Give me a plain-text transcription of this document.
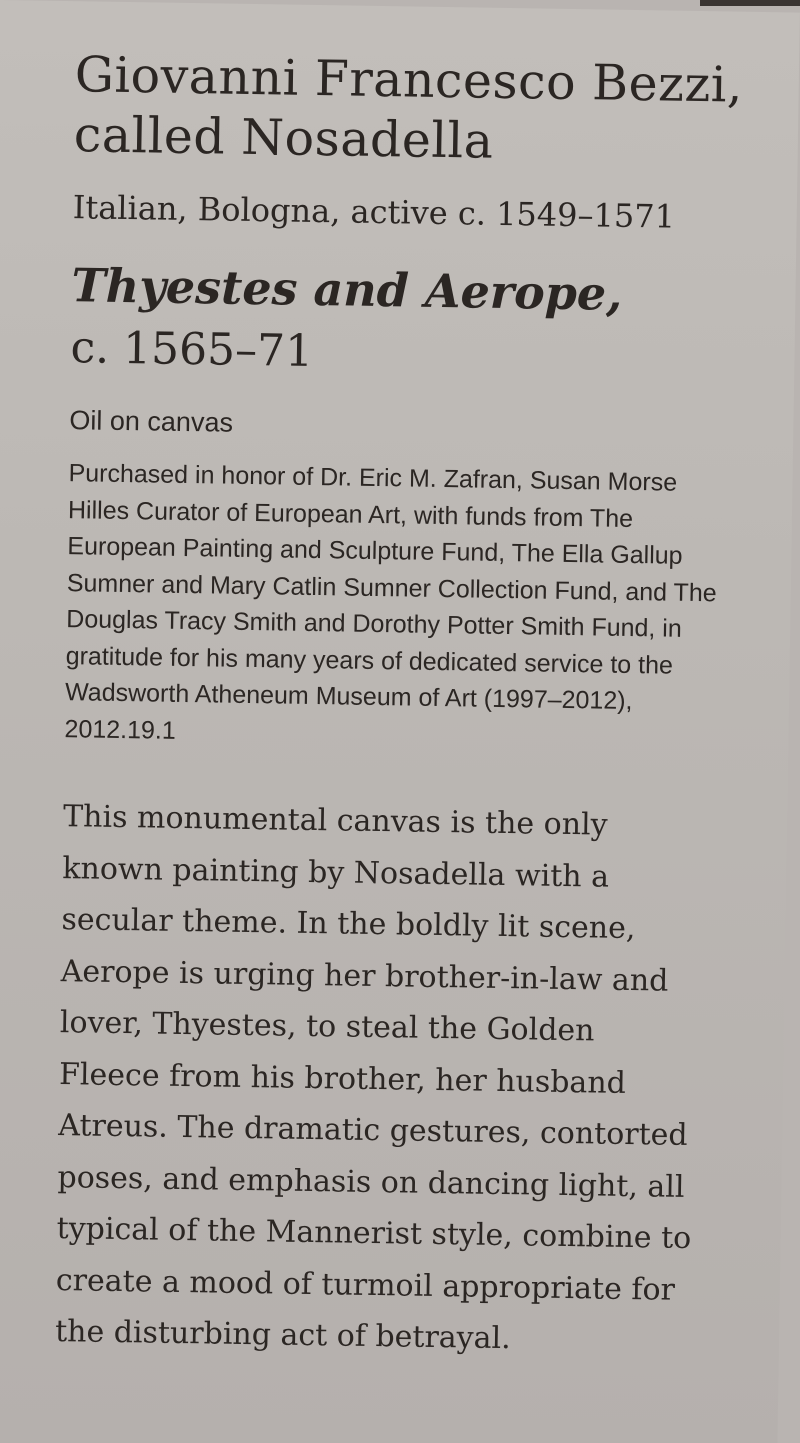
Giovanni Francesco Bezzi, called Nosadella

Italian, Bologna, active c. 1549–1571

Thyestes and Aerope,

c. 1565–71

Oil on canvas

Purchased in honor of Dr. Eric M. Zafran, Susan Morse Hilles Curator of European Art, with funds from The European Painting and Sculpture Fund, The Ella Gallup Sumner and Mary Catlin Sumner Collection Fund, and The Douglas Tracy Smith and Dorothy Potter Smith Fund, in gratitude for his many years of dedicated service to the Wadsworth Atheneum Museum of Art (1997–2012), 2012.19.1

This monumental canvas is the only known painting by Nosadella with a secular theme. In the boldly lit scene, Aerope is urging her brother-in-law and lover, Thyestes, to steal the Golden Fleece from his brother, her husband Atreus. The dramatic gestures, contorted poses, and emphasis on dancing light, all typical of the Mannerist style, combine to create a mood of turmoil appropriate for the disturbing act of betrayal.
